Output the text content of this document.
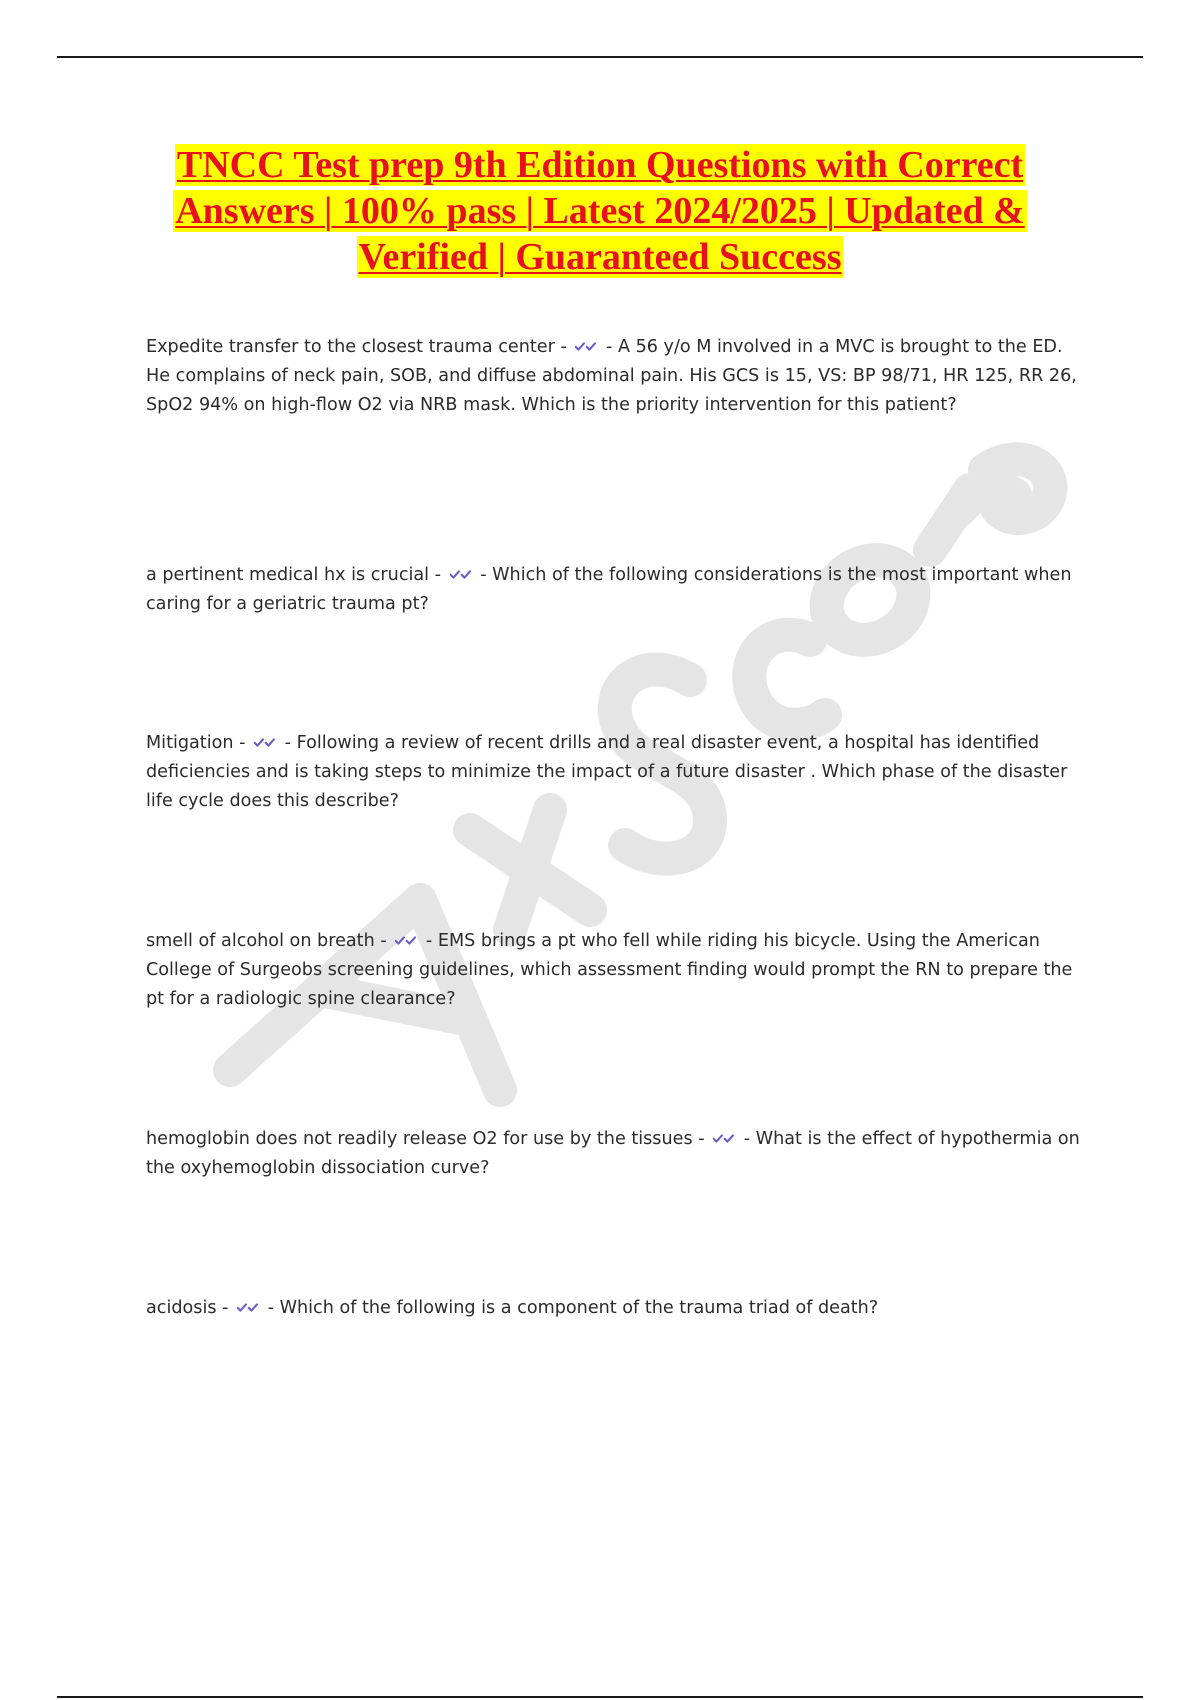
TNCC Test prep 9th Edition Questions with Correct Answers | 100% pass | Latest 2024/2025 | Updated & Verified | Guaranteed Success
Expedite transfer to the closest trauma center - - A 56 y/o M involved in a MVC is brought to the ED. He complains of neck pain, SOB, and diffuse abdominal pain. His GCS is 15, VS: BP 98/71, HR 125, RR 26, SpO2 94% on high-flow O2 via NRB mask. Which is the priority intervention for this patient?
a pertinent medical hx is crucial - - Which of the following considerations is the most important when caring for a geriatric trauma pt?
Mitigation - - Following a review of recent drills and a real disaster event, a hospital has identified deficiencies and is taking steps to minimize the impact of a future disaster . Which phase of the disaster life cycle does this describe?
smell of alcohol on breath - - EMS brings a pt who fell while riding his bicycle. Using the American College of Surgeobs screening guidelines, which assessment finding would prompt the RN to prepare the pt for a radiologic spine clearance?
hemoglobin does not readily release O2 for use by the tissues - - What is the effect of hypothermia on the oxyhemoglobin dissociation curve?
acidosis - - Which of the following is a component of the trauma triad of death?
